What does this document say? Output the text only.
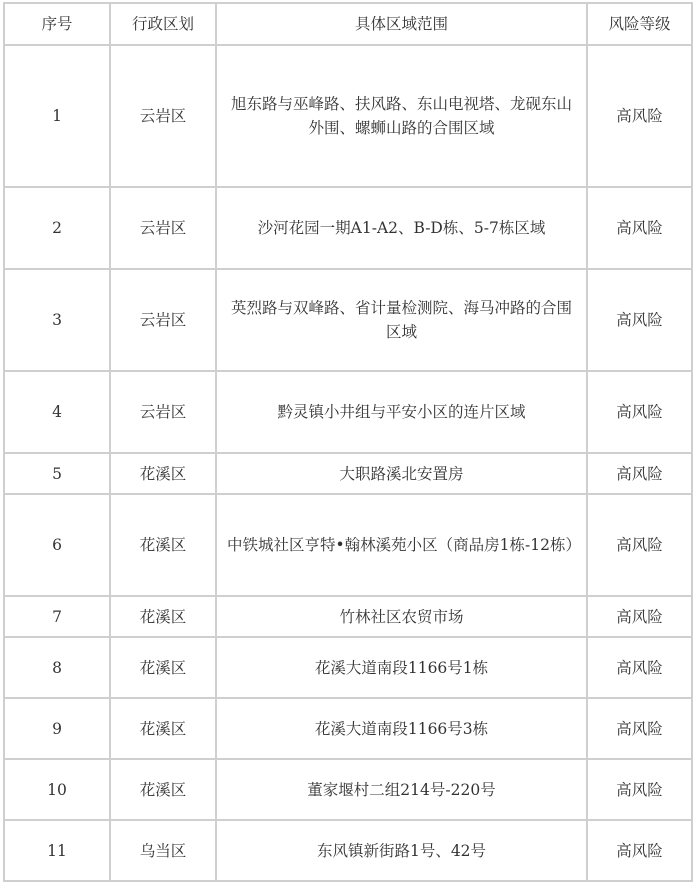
序号	行政区划	具体区域范围	风险等级
1	云岩区	旭东路与巫峰路、扶风路、东山电视塔、龙砚东山外围、螺蛳山路的合围区域	高风险
2	云岩区	沙河花园一期A1-A2、B-D栋、5-7栋区域	高风险
3	云岩区	英烈路与双峰路、省计量检测院、海马冲路的合围区域	高风险
4	云岩区	黔灵镇小井组与平安小区的连片区域	高风险
5	花溪区	大职路溪北安置房	高风险
6	花溪区	中铁城社区亨特•翰林溪苑小区（商品房1栋-12栋）	高风险
7	花溪区	竹林社区农贸市场	高风险
8	花溪区	花溪大道南段1166号1栋	高风险
9	花溪区	花溪大道南段1166号3栋	高风险
10	花溪区	董家堰村二组214号-220号	高风险
11	乌当区	东风镇新街路1号、42号	高风险
